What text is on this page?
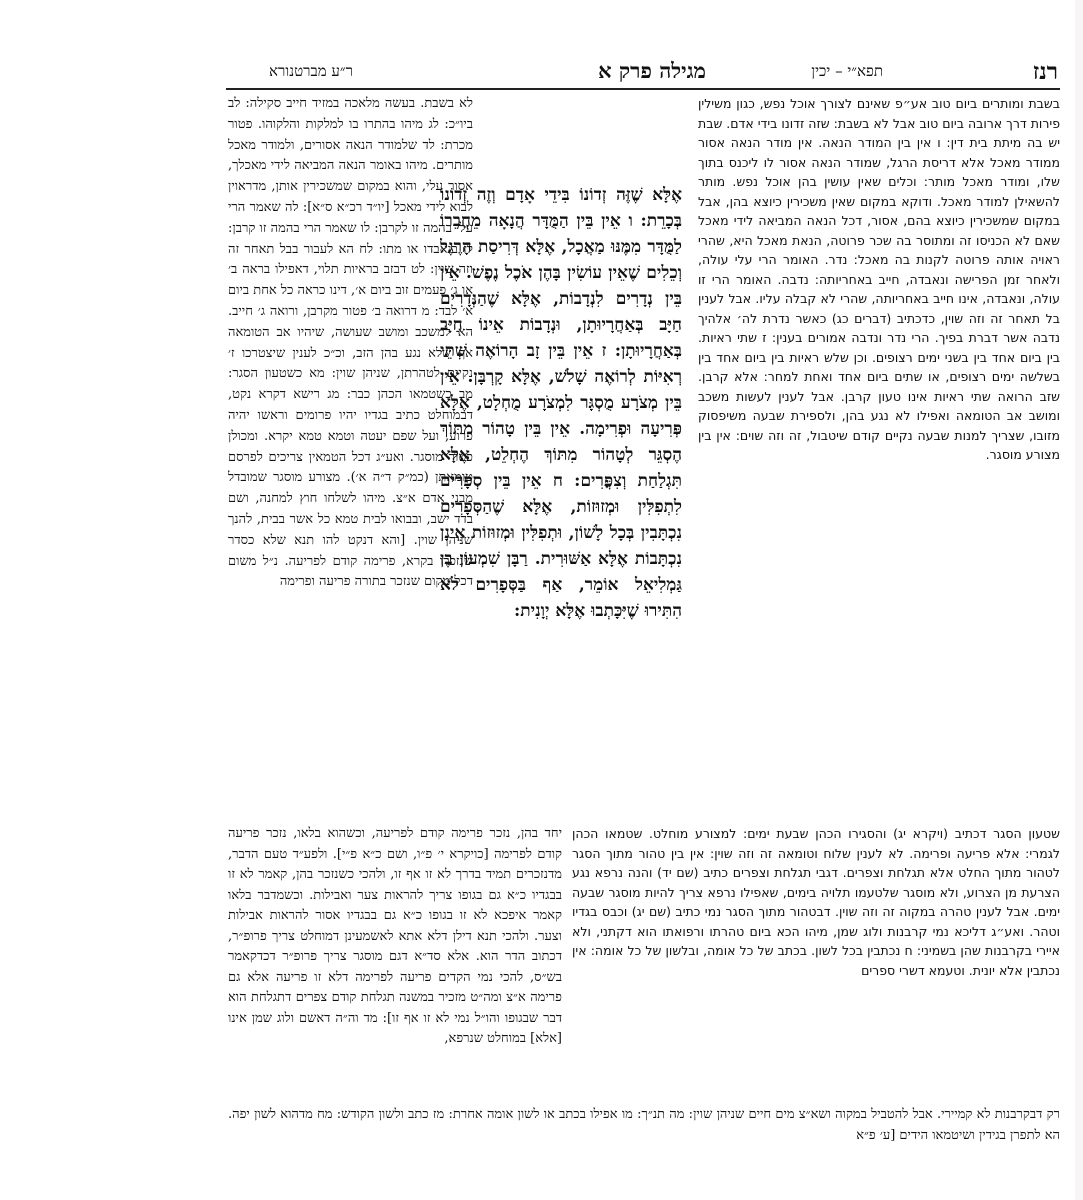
רנז
תפא״י – יכין
מגילה פרק א
ר״ע מברטנורא

בשבת ומותרים ביום טוב אע״פ שאינם לצורך אוכל נפש, כגון משילין פירות דרך ארובה ביום טוב אבל לא בשבת: שזה זדונו בידי אדם. שבת יש בה מיתת בית דין: ו אין בין המודר הנאה. אין מודר הנאה אסור ממודר מאכל אלא דריסת הרגל, שמודר הנאה אסור לו ליכנס בתוך שלו, ומודר מאכל מותר: וכלים שאין עושין בהן אוכל נפש. מותר להשאילן למודר מאכל. ודוקא במקום שאין משכירין כיוצא בהן, אבל במקום שמשכירין כיוצא בהם, אסור, דכל הנאה המביאה לידי מאכל שאם לא הכניסו זה ומתוסר בה שכר פרוטה, הנאת מאכל היא, שהרי ראויה אותה פרוטה לקנות בה מאכל: נדר. האומר הרי עלי עולה, ולאחר זמן הפרישה ונאבדה, חייב באחריותה: נדבה. האומר הרי זו עולה, ונאבדה, אינו חייב באחריותה, שהרי לא קבלה עליו. אבל לענין בל תאחר זה וזה שוין, כדכתיב (דברים כג) כאשר נדרת לה׳ אלהיך נדבה אשר דברת בפיך. הרי נדר ונדבה אמורים בענין: ז שתי ראיות. בין ביום אחד בין בשני ימים רצופים. וכן שלש ראיות בין ביום אחד בין בשלשה ימים רצופים, או שתים ביום אחד ואחת למחר: אלא קרבן. שזב הרואה שתי ראיות אינו טעון קרבן. אבל לענין לעשות משכב ומושב אב הטומאה ואפילו לא נגע בהן, ולספירת שבעה משיפסוק מזובו, שצריך למנות שבעה נקיים קודם שיטבול, זה וזה שוים: אין בין מצורע מוסגר.

אֶלָּא שֶׁזֶּה זְדוֹנוֹ בִּידֵי אָדָם וְזֶה זְדוֹנוֹ בְּכָרֵת: ו אֵין בֵּין הַמֻּדָּר הֲנָאָה מֵחֲבֵרוֹ לַמֻּדָּר מִמֶּנּוּ מַאֲכָל, אֶלָּא דְּרִיסַת הָרֶגֶל וְכֵלִים שֶׁאֵין עוֹשִׂין בָּהֶן אֹכֶל נֶפֶשׁ. אֵין בֵּין נְדָרִים לִנְדָבוֹת, אֶלָּא שֶׁהַנְּדָרִים חַיָּב בְּאַחֲרָיוּתָן, וּנְדָבוֹת אֵינוֹ חַיָּב בְּאַחֲרָיוּתָן: ז אֵין בֵּין זָב הָרוֹאֶה שְׁתֵּי רְאִיּוֹת לְרוֹאֶה שָׁלֹשׁ, אֶלָּא קָרְבָּן. אֵין בֵּין מְצֹרָע מֻסְגָּר לִמְצֹרָע מֻחְלָט, אֶלָּא פְּרִיעָה וּפְרִימָה. אֵין בֵּין טָהוֹר מִתּוֹךְ הֶסְגֵּר לְטָהוֹר מִתּוֹךְ הֶחְלֵט, אֶלָּא תִּגְלַחַת וְצִפֳּרִים: ח אֵין בֵּין סְפָרִים לִתְפִלִּין וּמְזוּזוֹת, אֶלָּא שֶׁהַסְּפָרִים נִכְתָּבִין בְּכָל לָשׁוֹן, וּתְפִלִּין וּמְזוּזוֹת אֵינָן נִכְתָּבוֹת אֶלָּא אַשּׁוּרִית. רַבָּן שִׁמְעוֹן בֶּן גַּמְלִיאֵל אוֹמֵר, אַף בַּסְּפָרִים לֹא הִתִּירוּ שֶׁיִּכָּתְבוּ אֶלָּא יְוָנִית:

לא בשבת. בעשה מלאכה במזיד חייב סקילה: לב ביו״כ: לג מיהו בהתרו בו למלקות והלקוהו. פטור מכרת: לד שלמודר הנאה אסורים, ולמודר מאכל מותרים. מיהו באומר הנאה המביאה לידי מאכלך, אסור עלי, והוא במקום שמשכירין אותן, מדראוין לבוא לידי מאכל [יו״ד רכ״א ס״א]: לה שאמר הרי עלי בהמה זו לקרבן: לו שאמר הרי בהמה זו קרבן: לז בנאבדו או מתו: לח הא לעבור בבל תאחר זה וזה שוין: לט דבזב בראיות תלוי, דאפילו בראה ב׳ או ג׳ פעמים זוב ביום א׳, דינו כראה כל אחת ביום א׳ לבד: מ דרואה ב׳ פטור מקרבן, ורואה ג׳ חייב. הא למשכב ומושב שעושה, שיהיו אב הטומאה אף שלא נגע בהן הזב, וכ״כ לענין שיצטרכו ז׳ נקיים לטהרתן, שניהן שוין: מא כשטעון הסגר: מב כשטמאו הכהן כבר: מג רישא דקרא נקט, דבמוחלט כתיב בגדיו יהיו פרומים וראשו יהיה פרוע, ועל שפם יעטה וטמא טמא יקרא. ומכולן פטור מוסגר. ואע״ג דכל הטמאין צריכים לפרסם טומאתן (כמ״ק ד״ה א׳). מצורע מוסגר שמובדל מבני אדם א״צ. מיהו לשלחו חוץ למחנה, ושם בדד ישב, ובבואו לבית טמא כל אשר בבית, להנך שניהן שוין. [והא דנקט להו תנא שלא כסדר שנזכרו בקרא, פרימה קודם לפריעה. נ״ל משום דכל מקום שנזכר בתורה פריעה ופרימה

שטעון הסגר דכתיב (ויקרא יג) והסגירו הכהן שבעת ימים: למצורע מוחלט. שטמאו הכהן לגמרי: אלא פריעה ופרימה. לא לענין שלוח וטומאה זה וזה שוין: אין בין טהור מתוך הסגר לטהור מתוך החלט אלא תגלחת וצפרים. דגבי תגלחת וצפרים כתיב (שם יד) והנה נרפא נגע הצרעת מן הצרוע, ולא מוסגר שלטעמו תלויה בימים, שאפילו נרפא צריך להיות מוסגר שבעה ימים. אבל לענין טהרה במקוה זה וזה שוין. דבטהור מתוך הסגר נמי כתיב (שם יג) וכבס בגדיו וטהר. ואע״ג דליכא נמי קרבנות ולוג שמן, מיהו הכא ביום טהרתו ורפואתו הוא דקתני, ולא איירי בקרבנות שהן בשמיני: ח נכתבין בכל לשון. בכתב של כל אומה, ובלשון של כל אומה: אין נכתבין אלא יונית. וטעמא דשרי ספרים

יחד בהן, נזכר פרימה קודם לפריעה, וכשהוא בלאו, נזכר פריעה קודם לפרימה [כויקרא י׳ פ״ו, ושם כ״א פ״י]. ולפע״ד טעם הדבר, מדנזכרים תמיד בדרך לא זו אף זו, ולהכי כשנזכר בהן, קאמר לא זו בבגדיו כ״א גם בגופו צריך להראות צער ואבילות. וכשמדבר בלאו קאמר איפכא לא זו בגופו כ״א גם בבגדיו אסור להראות אבילות וצער. ולהכי תנא דילן דלא אתא לאשמעינן דמוחלט צריך פרופ״ר, דכתוב הדר הוא. אלא סד״א דגם מוסגר צריך פרופ״ר דכדקאמר בש״ס, להכי נמי הקדים פריעה לפרימה דלא זו פריעה אלא גם פרימה א״צ ומה״ט מזכיר במשנה תגלחת קודם צפרים דתגלחת הוא דבר שבגופו והו״ל נמי לא זו אף זו]: מד וה״ה דאשם ולוג שמן אינו [אלא] במוחלט שנרפא,

רק דבקרבנות לא קמיירי. אבל להטביל במקוה ושא״צ מים חיים שניהן שוין: מה תנ״ך: מו אפילו בכתב או לשון אומה אחרת: מז כתב ולשון הקודש: מח מדהוא לשון יפה. הא לתפרן בגידין ושיטמאו הידים [ע׳ פ״א
